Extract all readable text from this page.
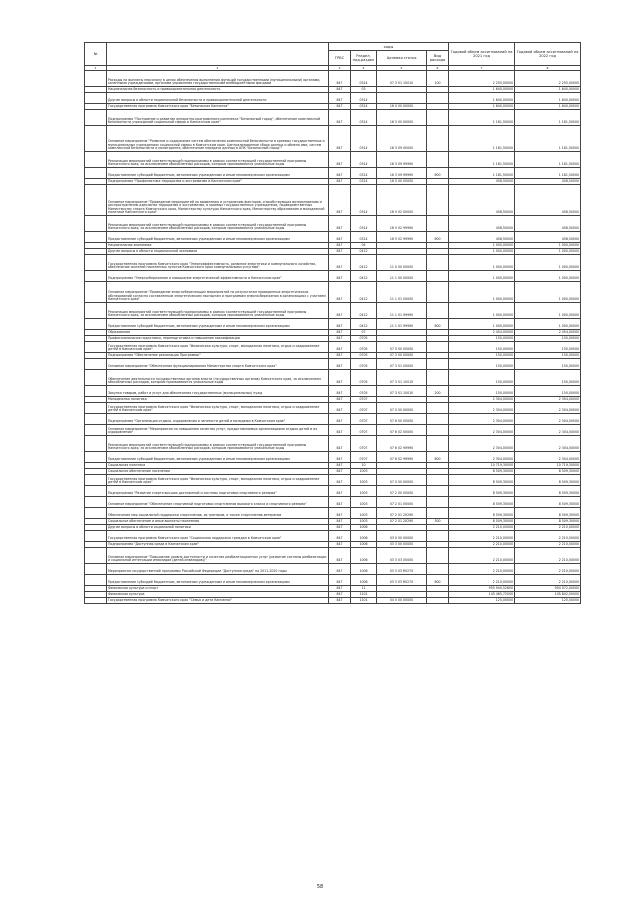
№		коды				Годовой объем ассигнований на 2021 год	Годовой объем ассигнований на 2022 год
		ГРБС	Раздел, под-раздел	Целевая статья	Вид расхода		
1	2	3	4	5	6	7	8
	Расходы на выплаты персоналу в целях обеспечения выполнения функций государственными (муниципальными) органами, казенными учреждениями, органами управления государственными внебюджетными фондами	847	0314	07 3 01 10010	100	2 255,00000	2 255,00000
	Национальная безопасность и правоохранительная деятельность	847	03			1 640,00000	1 640,00000
	Другие вопросы в области национальной безопасности и правоохранительной деятельности	847	0314			1 640,00000	1 640,00000
	Государственная программа Камчатского края "Безопасная Камчатка"	847	0314	16 0 00 00000		1 640,00000	1 640,00000
	Подпрограмма "Построение и развитие аппаратно-программного комплекса "Безопасный город", обеспечение комплексной безопасности учреждений социальной сферы в Камчатском крае"	847	0314	16 3 00 00000		1 181,50000	1 181,50000
	Основное мероприятие "Развитие и содержание систем обеспечения комплексной безопасности в краевых государственных и муниципальных учреждениях социальной сферы в Камчатском крае. Централизованное сбора данных и обмена ими, систем комплексной безопасности и мониторинга, обеспечение передачи данных в АПК "Безопасный город""	847	0314	16 3 09 00000		1 181,50000	1 181,50000
	Реализация мероприятий соответствующей подпрограммы в рамках соответствующей государственной программы Камчатского края, за исключением обособленных расходов, которым присваиваются уникальные коды	847	0314	16 3 09 99990		1 181,50000	1 181,50000
	Предоставление субсидий бюджетным, автономным учреждениям и иным некоммерческим организациям	847	0314	16 3 09 99990	600	1 181,50000	1 181,50000
	Подпрограмма "Профилактика терроризма и экстремизма в Камчатском крае"	847	0314	16 5 00 00000		458,50000	458,50000
	Основное мероприятие "Проведение мероприятий по выявлению и устранению факторов, способствующих возникновению и распространению идеологии терроризма и экстремизма, в краевых государственных учреждениях, подведомственных Министерству спорта Камчатского края, Министерству культуры Камчатского края, Министерству образования и молодежной политики Камчатского края"	847	0314	16 5 02 00000		458,50000	458,50000
	Реализация мероприятий соответствующей подпрограммы в рамках соответствующей государственной программы Камчатского края, за исключением обособленных расходов, которым присваиваются уникальные коды	847	0314	16 5 02 99990		458,50000	458,50000
	Предоставление субсидий бюджетным, автономным учреждениям и иным некоммерческим организациям	847	0314	16 5 02 99990	600	458,50000	458,50000
	Национальная экономика	847	04			1 000,00000	1 000,00000
	Другие вопросы в области национальной экономики	847	0412			1 000,00000	1 000,00000
	Государственная программа Камчатского края "Энергоэффективность, развитие энергетики и коммунального хозяйства, обеспечение жителей населенных пунктов Камчатского края коммунальными услугами"	847	0412	11 0 00 00000		1 000,00000	1 000,00000
	Подпрограмма "Энергосбережение и повышение энергетической эффективности в Камчатском крае"	847	0412	11 1 00 00000		1 000,00000	1 000,00000
	Основное мероприятие "Проведение энергосберегающих мероприятий по результатам проведенных энергетических обследований согласно составленным энергетическим паспортам и программам энергосбережения в организациях с участием Камчатского края"	847	0412	11 1 01 00000		1 000,00000	1 000,00000
	Реализация мероприятий соответствующей подпрограммы в рамках соответствующей государственной программы Камчатского края, за исключением обособленных расходов, которым присваиваются уникальные коды	847	0412	11 1 01 99990		1 000,00000	1 000,00000
	Предоставление субсидий бюджетным, автономным учреждениям и иным некоммерческим организациям	847	0412	11 1 01 99990	600	1 000,00000	1 000,00000
	Образование	847	07			2 454,00000	2 454,00000
	Профессиональная подготовка, переподготовка и повышение квалификации	847	0705			150,00000	150,00000
	Государственная программа Камчатского края "Физическая культура, спорт, молодежная политика, отдых и оздоровление детей в Камчатском крае"	847	0705	07 0 00 00000		150,00000	150,00000
	Подпрограмма "Обеспечение реализации Программы"	847	0705	07 3 00 00000		150,00000	150,00000
	Основное мероприятие "Обеспечение функционирования Министерства спорта Камчатского края"	847	0705	07 3 01 00000		150,00000	150,00000
	Обеспечение деятельности государственных органов власти (государственных органов) Камчатского края, за исключением обособленных расходов, которым присваиваются уникальные коды	847	0705	07 3 01 10010		150,00000	150,00000
	Закупка товаров, работ и услуг для обеспечения государственных (муниципальных) нужд	847	0705	07 3 01 10010	200	150,00000	150,00000
	Молодежная политика	847	0707			2 304,00000	2 304,00000
	Государственная программа Камчатского края "Физическая культура, спорт, молодежная политика, отдых и оздоровление детей в Камчатском крае"	847	0707	07 0 00 00000		2 304,00000	2 304,00000
	Подпрограмма "Организация отдыха, оздоровления и занятости детей и молодежи в Камчатском крае"	847	0707	07 6 00 00000		2 304,00000	2 304,00000
	Основное мероприятие "Мероприятия по повышению качества услуг, предоставляемых организациями отдыха детей и их оздоровления"	847	0707	07 6 02 00000		2 304,00000	2 304,00000
	Реализация мероприятий соответствующей подпрограммы в рамках соответствующей государственной программы Камчатского края, за исключением обособленных расходов, которым присваиваются уникальные коды	847	0707	07 6 02 99990		2 304,00000	2 304,00000
	Предоставление субсидий бюджетным, автономным учреждениям и иным некоммерческим организациям	847	0707	07 6 02 99990	600	2 304,00000	2 304,00000
	Социальная политика	847	10			10 719,30000	10 719,30000
	Социальное обеспечение населения	847	1003			8 509,30000	8 509,30000
	Государственная программа Камчатского края "Физическая культура, спорт, молодежная политика, отдых и оздоровление детей в Камчатском крае"	847	1003	07 0 00 00000		8 509,30000	8 509,30000
	Подпрограмма "Развитие спорта высших достижений и системы подготовки спортивного резерва"	847	1003	07 2 00 00000		8 509,30000	8 509,30000
	Основное мероприятие "Обеспечение спортивной подготовки спортсменов высокого класса и спортивного резерва"	847	1003	07 2 01 00000		8 509,30000	8 509,30000
	Обеспечение мер социальной поддержки спортсменов, их тренеров, а также спортсменов-ветеранов	847	1003	07 2 01 20290		8 509,30000	8 509,30000
	Социальное обеспечение и иные выплаты населению	847	1003	07 2 01 20290	300	8 509,30000	8 509,30000
	Другие вопросы в области социальной политики	847	1006			2 210,00000	2 210,00000
	Государственная программа Камчатского края "Социальная поддержка граждан в Камчатском крае"	847	1006	03 0 00 00000		2 210,00000	2 210,00000
	Подпрограмма "Доступная среда в Камчатском крае"	847	1006	03 3 00 00000		2 210,00000	2 210,00000
	Основное мероприятие "Повышение уровня доступности и качества реабилитационных услуг (развитие системы реабилитации и социальной интеграции инвалидов (детей-инвалидов))"	847	1006	03 3 03 00000		2 210,00000	2 210,00000
	Мероприятия государственной программы Российской Федерации "Доступная среда" на 2011-2020 годы	847	1006	03 3 03 R0270		2 210,00000	2 210,00000
	Предоставление субсидий бюджетным, автономным учреждениям и иным некоммерческим организациям	847	1006	03 3 03 R0270	600	2 210,00000	2 210,00000
	Физическая культура и спорт	847	11			955 940,52600	954 072,00000
	Физическая культура	847	1101			145 465,72000	145 842,00000
	Государственная программа Камчатского края "Семья и дети Камчатки"	847	1101	04 0 00 00000		125,00000	125,00000
58
